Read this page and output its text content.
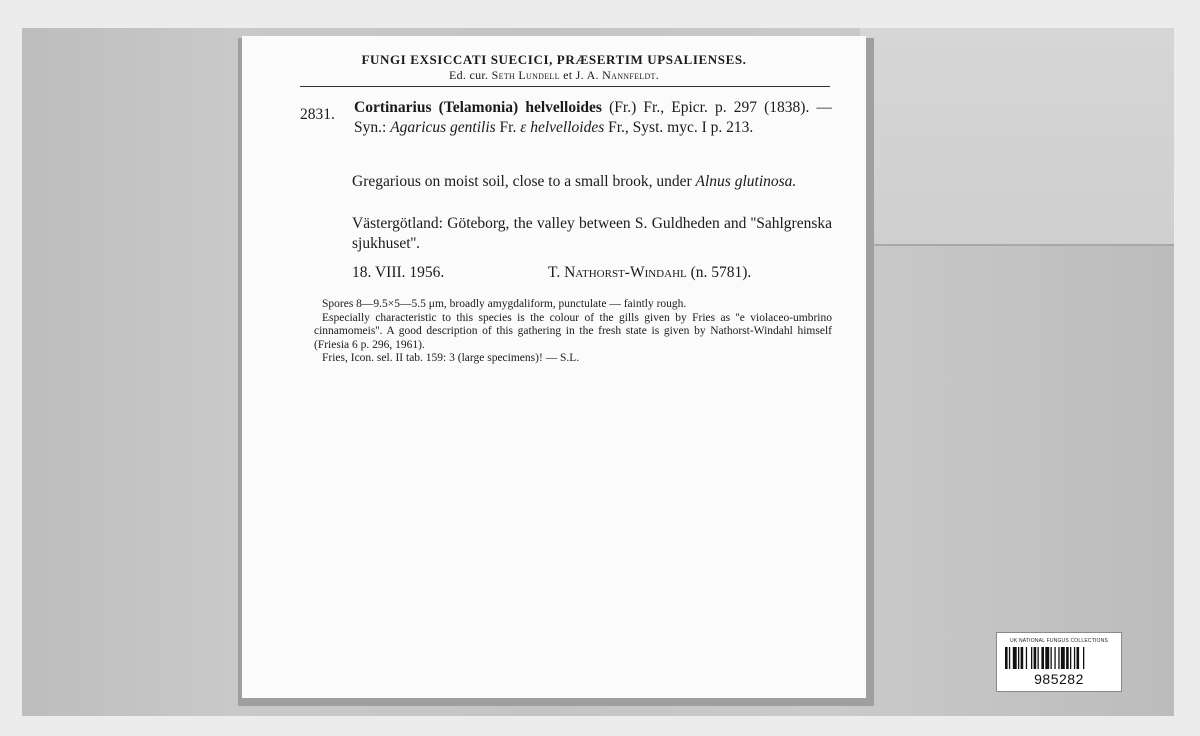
FUNGI EXSICCATI SUECICI, PRÆSERTIM UPSALIENSES.
Ed. cur. Seth Lundell et J. A. Nannfeldt.
2831. Cortinarius (Telamonia) helvelloides (Fr.) Fr., Epicr. p. 297 (1838). — Syn.: Agaricus gentilis Fr. ε helvelloides Fr., Syst. myc. I p. 213.
Gregarious on moist soil, close to a small brook, under Alnus glutinosa.
Västergötland: Göteborg, the valley between S. Guldheden and ''Sahlgrenska sjukhuset''.
18. VIII. 1956.	T. Nathorst-Windahl (n. 5781).

Spores 8—9.5×5—5.5 μm, broadly amygdaliform, punctulate — faintly rough.

Especially characteristic to this species is the colour of the gills given by Fries as ''e violaceo-umbrino cinnamomeis''. A good description of this gathering in the fresh state is given by Nathorst-Windahl himself (Friesia 6 p. 296, 1961).

Fries, Icon. sel. II tab. 159: 3 (large specimens)! — S.L.

UK NATIONAL FUNGUS COLLECTIONS
985282
